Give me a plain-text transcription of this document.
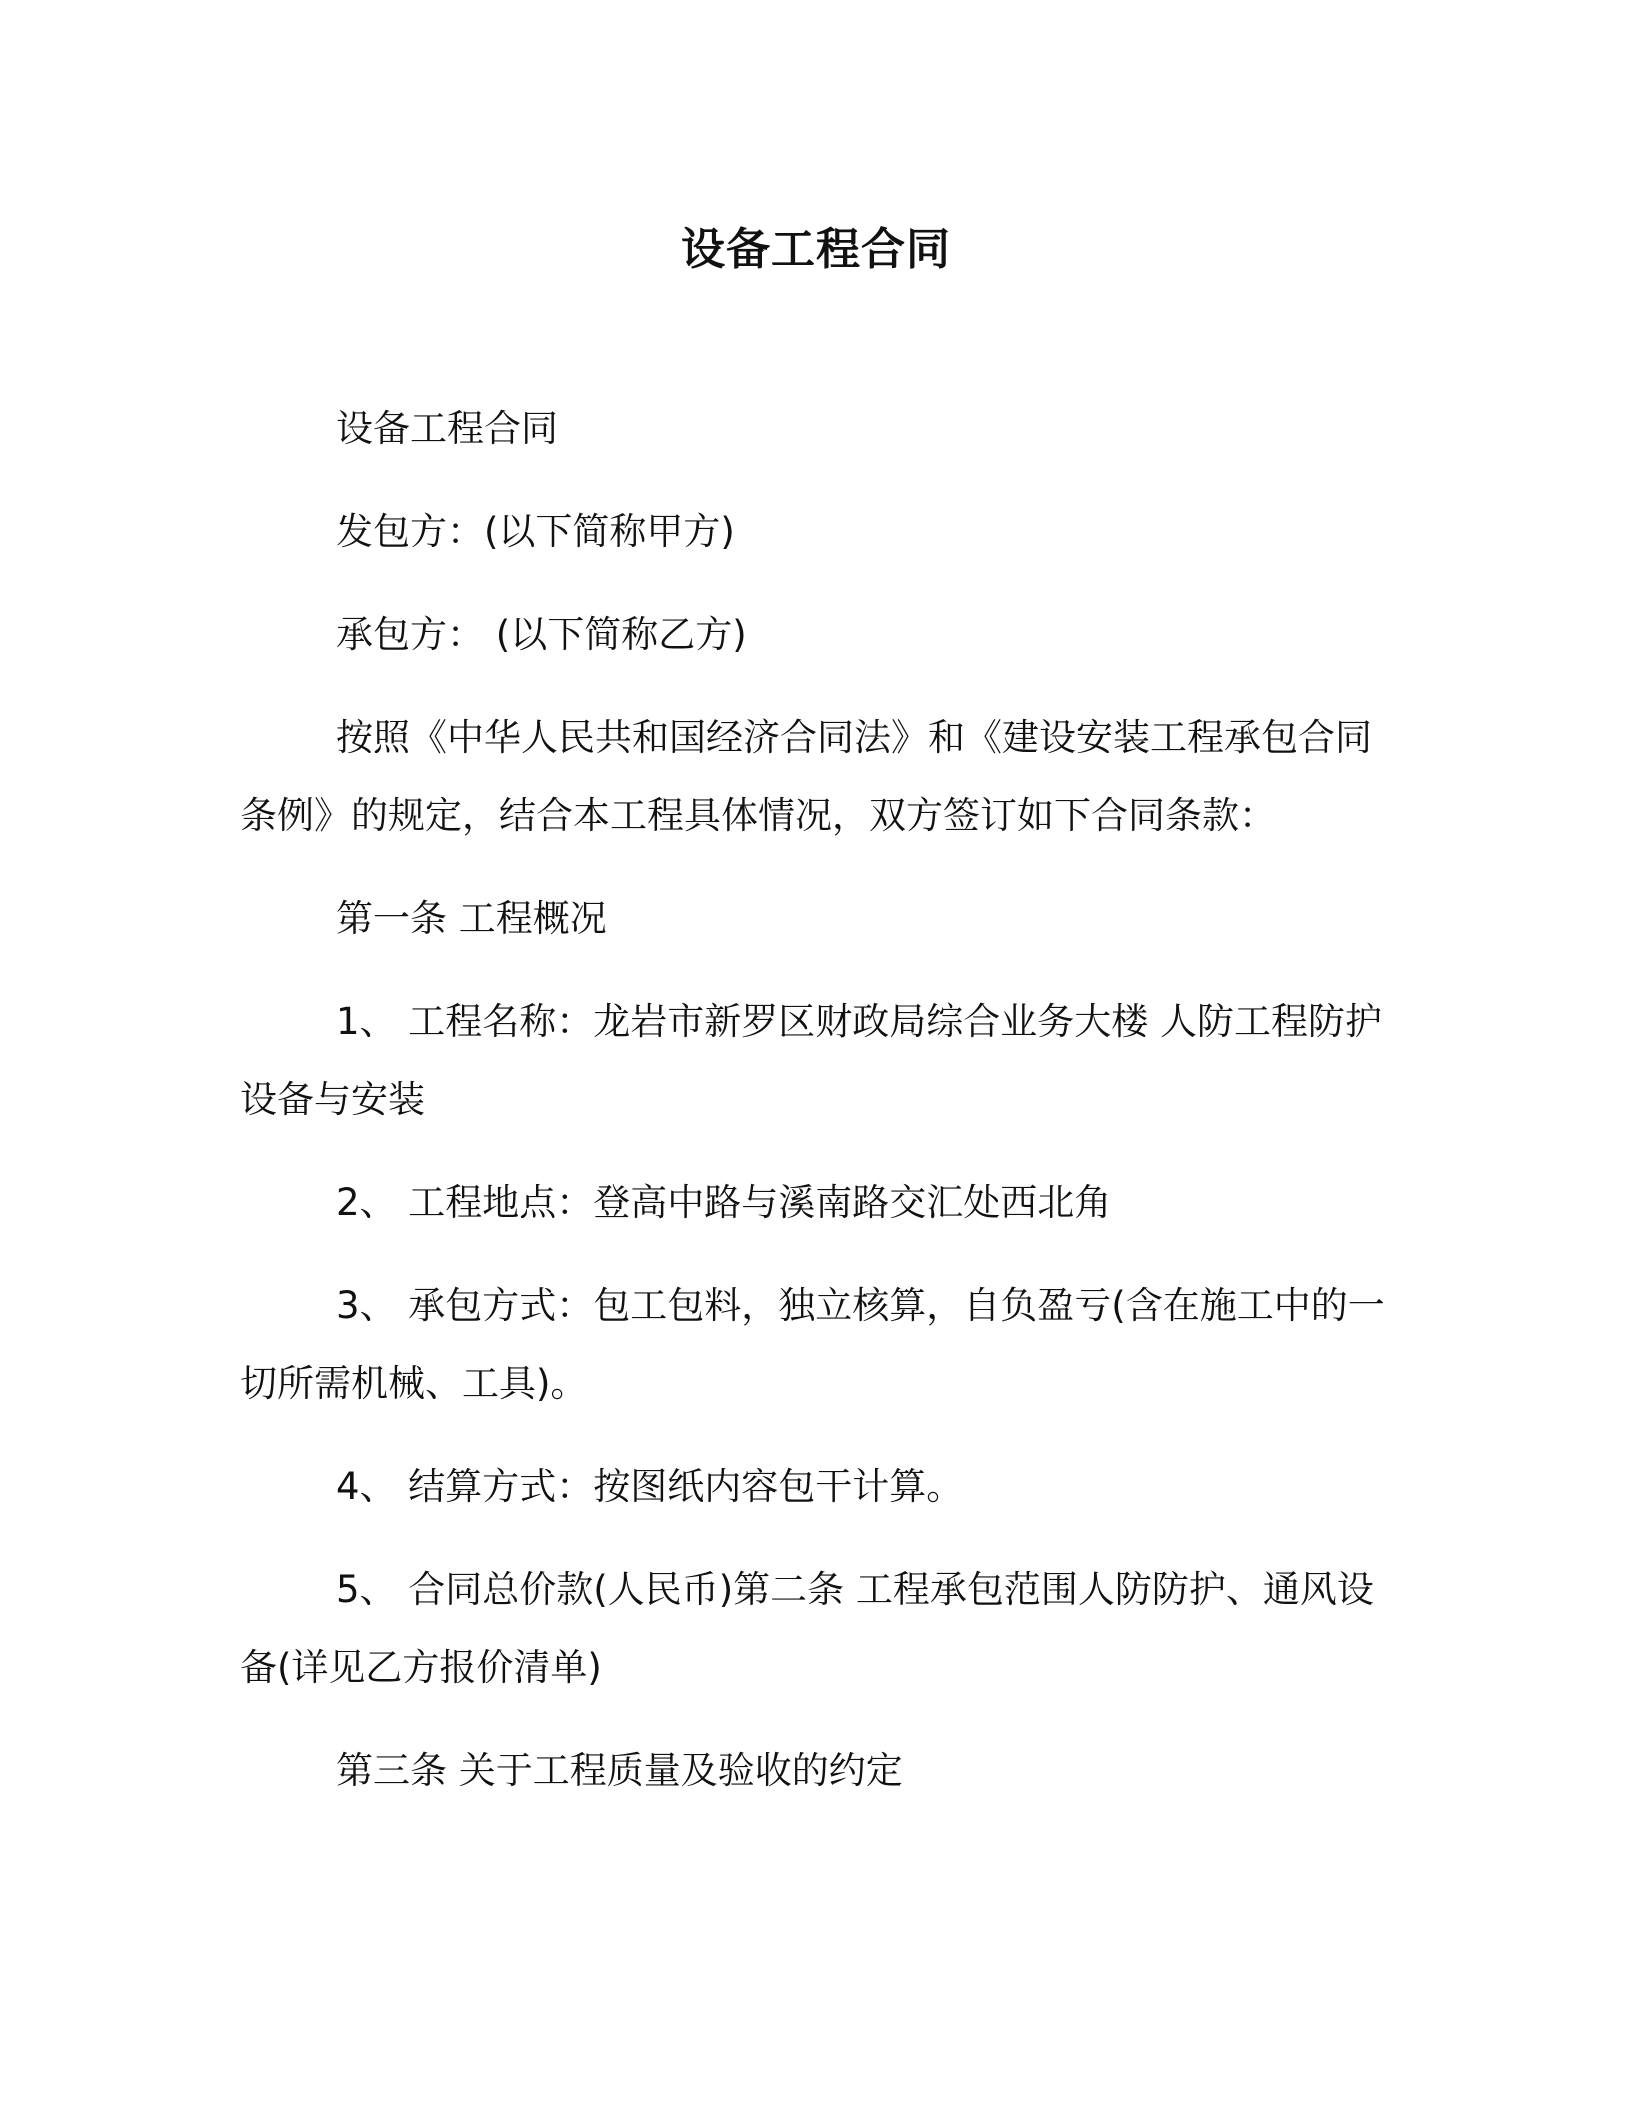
设备工程合同

设备工程合同

发包方：(以下简称甲方)

承包方： (以下简称乙方)

按照《中华人民共和国经济合同法》和《建设安装工程承包合同条例》的规定，结合本工程具体情况，双方签订如下合同条款：

第一条 工程概况

1、 工程名称：龙岩市新罗区财政局综合业务大楼 人防工程防护设备与安装

2、 工程地点：登高中路与溪南路交汇处西北角

3、 承包方式：包工包料，独立核算，自负盈亏(含在施工中的一切所需机械、工具)。

4、 结算方式：按图纸内容包干计算。

5、 合同总价款(人民币)第二条 工程承包范围人防防护、通风设备(详见乙方报价清单)

第三条 关于工程质量及验收的约定
